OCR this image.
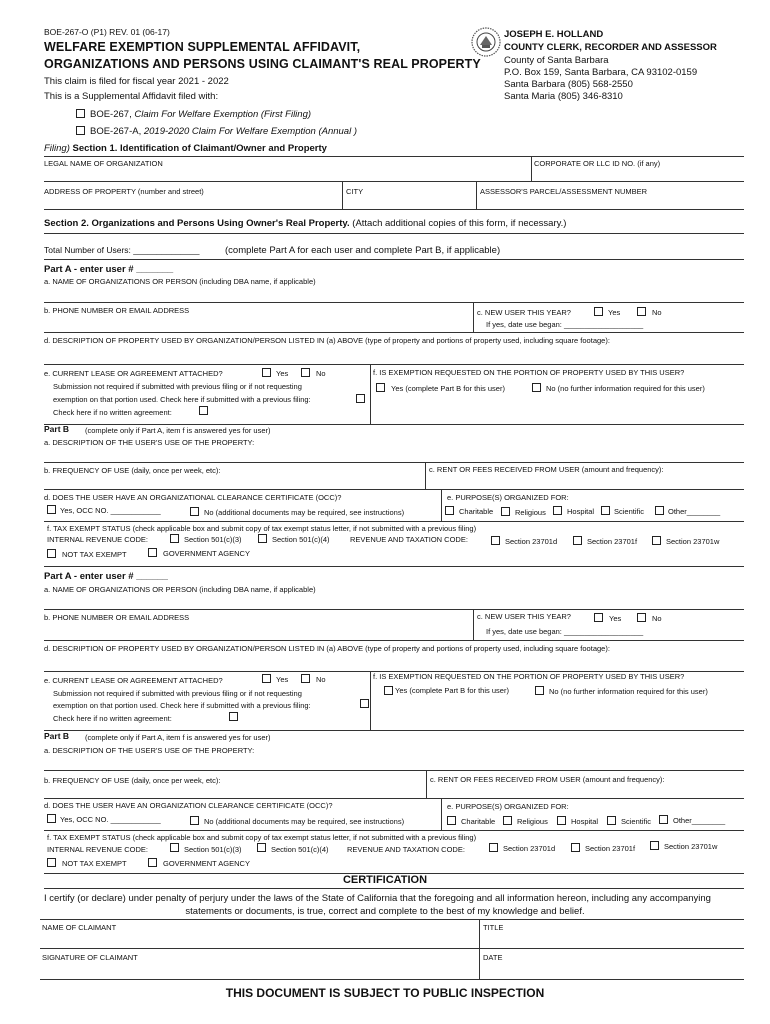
BOE-267-O (P1) REV. 01 (06-17)
WELFARE EXEMPTION SUPPLEMENTAL AFFIDAVIT,
ORGANIZATIONS AND PERSONS USING CLAIMANT'S REAL PROPERTY
This claim is filed for fiscal year 2021 - 2022
This is a Supplemental Affidavit filed with:
BOE-267, Claim For Welfare Exemption (First Filing)
BOE-267-A, 2019-2020 Claim For Welfare Exemption (Annual )
Filing) Section 1. Identification of Claimant/Owner and Property
JOSEPH E. HOLLAND
COUNTY CLERK, RECORDER AND ASSESSOR
County of Santa Barbara
P.O. Box 159, Santa Barbara, CA 93102-0159
Santa Barbara (805) 568-2550
Santa Maria (805) 346-8310
LEGAL NAME OF ORGANIZATION	CORPORATE OR LLC ID NO. (if any)
ADDRESS OF PROPERTY (number and street)	CITY	ASSESSOR'S PARCEL/ASSESSMENT NUMBER
Section 2. Organizations and Persons Using Owner's Real Property. (Attach additional copies of this form, if necessary.)
Total Number of Users: ______________	(complete Part A for each user and complete Part B, if applicable)
Part A - enter user # _______
a. NAME OF ORGANIZATIONS OR PERSON (including DBA name, if applicable)
b. PHONE NUMBER OR EMAIL ADDRESS	c. NEW USER THIS YEAR?	Yes	No
If yes, date use began: ___________________
d. DESCRIPTION OF PROPERTY USED BY ORGANIZATION/PERSON LISTED IN (a) ABOVE (type of property and portions of property used, including square footage):
e. CURRENT LEASE OR AGREEMENT ATTACHED?	Yes	No
Submission not required if submitted with previous filing or if not requesting
exemption on that portion used. Check here if submitted with a previous filing:
Check here if no written agreement:
f. IS EXEMPTION REQUESTED ON THE PORTION OF PROPERTY USED BY THIS USER?
Yes (complete Part B for this user)	No (no further information required for this user)
Part B (complete only if Part A, item f is answered yes for user)
a. DESCRIPTION OF THE USER'S USE OF THE PROPERTY:
b. FREQUENCY OF USE (daily, once per week, etc):	c. RENT OR FEES RECEIVED FROM USER (amount and frequency):
d. DOES THE USER HAVE AN ORGANIZATIONAL CLEARANCE CERTIFICATE (OCC)?
Yes, OCC NO. ____________	No (additional documents may be required, see instructions)
e. PURPOSE(S) ORGANIZED FOR:
Charitable	Religious	Hospital	Scientific	Other________
f. TAX EXEMPT STATUS (check applicable box and submit copy of tax exempt status letter, if not submitted with a previous filing)
INTERNAL REVENUE CODE:	Section 501(c)(3)	Section 501(c)(4)	REVENUE AND TAXATION CODE:	Section 23701d	Section 23701f	Section 23701w
NOT TAX EXEMPT	GOVERNMENT AGENCY
Part A - enter user # ______
a. NAME OF ORGANIZATIONS OR PERSON (including DBA name, if applicable)
b. PHONE NUMBER OR EMAIL ADDRESS	c. NEW USER THIS YEAR?	Yes	No
If yes, date use began: ___________________
d. DESCRIPTION OF PROPERTY USED BY ORGANIZATION/PERSON LISTED IN (a) ABOVE (type of property and portions of property used, including square footage):
e. CURRENT LEASE OR AGREEMENT ATTACHED?	Yes	No
Submission not required if submitted with previous filing or if not requesting
exemption on that portion used. Check here if submitted with a previous filing:
Check here if no written agreement:
f. IS EXEMPTION REQUESTED ON THE PORTION OF PROPERTY USED BY THIS USER?
Yes (complete Part B for this user)	No (no further information required for this user)
Part B (complete only if Part A, item f is answered yes for user)
a. DESCRIPTION OF THE USER'S USE OF THE PROPERTY:
b. FREQUENCY OF USE (daily, once per week, etc):	c. RENT OR FEES RECEIVED FROM USER (amount and frequency):
d. DOES THE USER HAVE AN ORGANIZATION CLEARANCE CERTIFICATE (OCC)?
Yes, OCC NO. ____________	No (additional documents may be required, see instructions)
e. PURPOSE(S) ORGANIZED FOR:
Charitable	Religious	Hospital	Scientific	Other________
f. TAX EXEMPT STATUS (check applicable box and submit copy of tax exempt status letter, if not submitted with a previous filing)
INTERNAL REVENUE CODE:	Section 501(c)(3)	Section 501(c)(4) REVENUE AND TAXATION CODE:	Section 23701d	Section 23701f	Section 23701w
NOT TAX EXEMPT	GOVERNMENT AGENCY
CERTIFICATION
I certify (or declare) under penalty of perjury under the laws of the State of California that the foregoing and all information hereon, including any accompanying
statements or documents, is true, correct and complete to the best of my knowledge and belief.
NAME OF CLAIMANT	TITLE
SIGNATURE OF CLAIMANT	DATE
THIS DOCUMENT IS SUBJECT TO PUBLIC INSPECTION
